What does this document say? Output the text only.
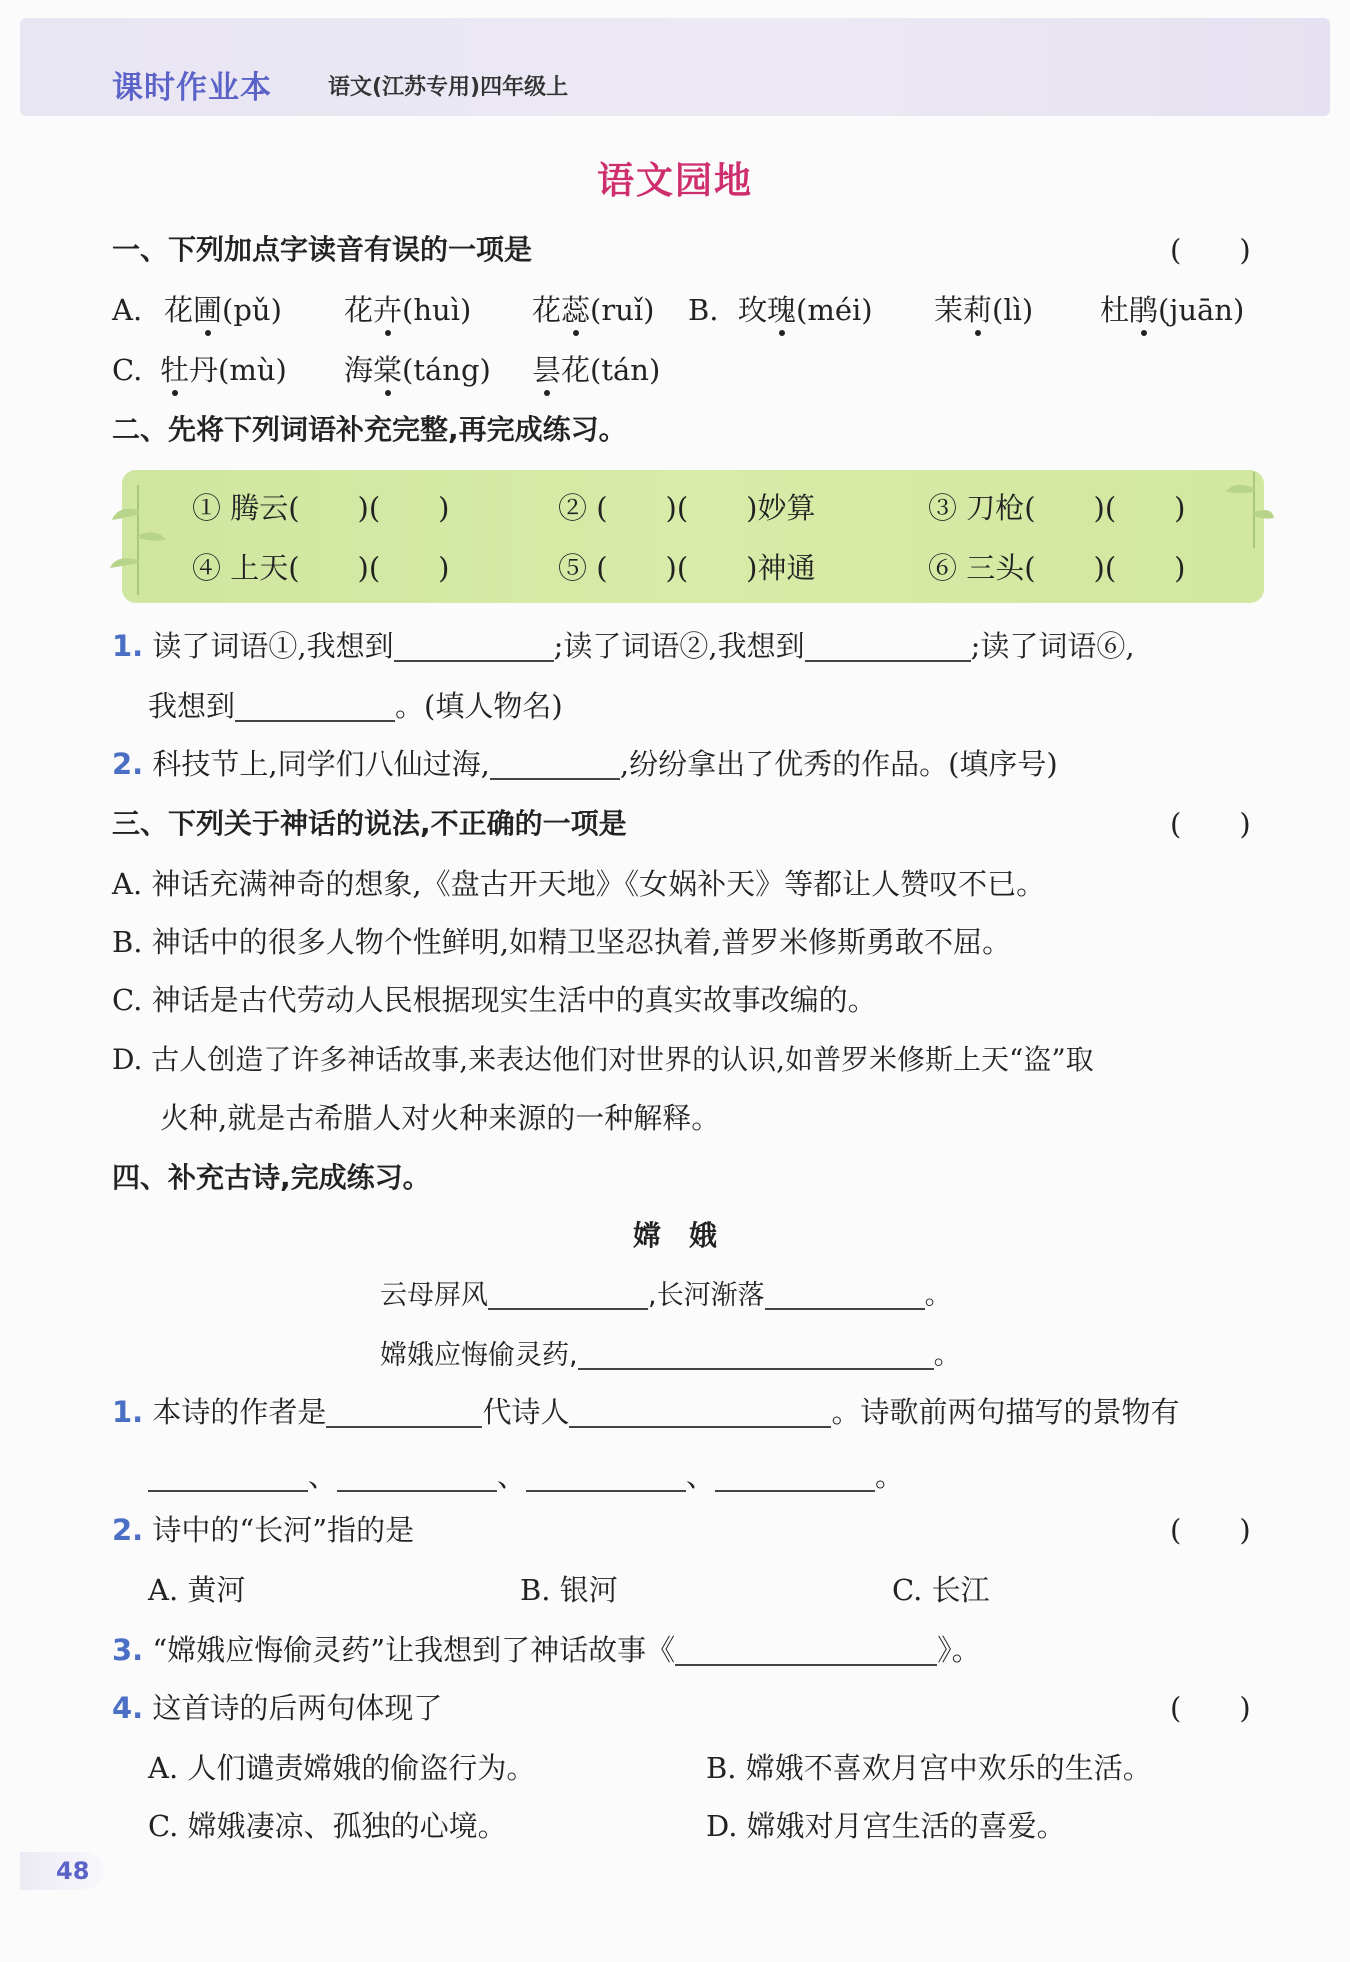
课时作业本	语文(江苏专用)四年级上
语文园地
一、下列加点字读音有误的一项是	(　　)
A. 花圃(pǔ) 花卉(huì) 花蕊(ruǐ) B. 玫瑰(méi) 茉莉(lì) 杜鹃(juān)
C. 牡丹(mù) 海棠(táng) 昙花(tán)
二、先将下列词语补充完整,再完成练习。
① 腾云(　　)(　　)	② (　　)(　　)妙算	③ 刀枪(　　)(　　)
④ 上天(　　)(　　)	⑤ (　　)(　　)神通	⑥ 三头(　　)(　　)
1. 读了词语①,我想到	;读了词语②,我想到	;读了词语⑥,
我想到	。(填人物名)
2. 科技节上,同学们八仙过海,	,纷纷拿出了优秀的作品。(填序号)
三、下列关于神话的说法,不正确的一项是	(　　)
A. 神话充满神奇的想象,《盘古开天地》《女娲补天》等都让人赞叹不已。
B. 神话中的很多人物个性鲜明,如精卫坚忍执着,普罗米修斯勇敢不屈。
C. 神话是古代劳动人民根据现实生活中的真实故事改编的。
D. 古人创造了许多神话故事,来表达他们对世界的认识,如普罗米修斯上天“盗”取
火种,就是古希腊人对火种来源的一种解释。
四、补充古诗,完成练习。
嫦　娥
云母屏风	,长河渐落	。
嫦娥应悔偷灵药,	。
1. 本诗的作者是	代诗人	。诗歌前两句描写的景物有
、	、	、	。
2. 诗中的“长河”指的是	(　　)
A. 黄河	B. 银河	C. 长江
3. “嫦娥应悔偷灵药”让我想到了神话故事《	》。
4. 这首诗的后两句体现了	(　　)
A. 人们谴责嫦娥的偷盗行为。	B. 嫦娥不喜欢月宫中欢乐的生活。
C. 嫦娥凄凉、孤独的心境。	D. 嫦娥对月宫生活的喜爱。
48
